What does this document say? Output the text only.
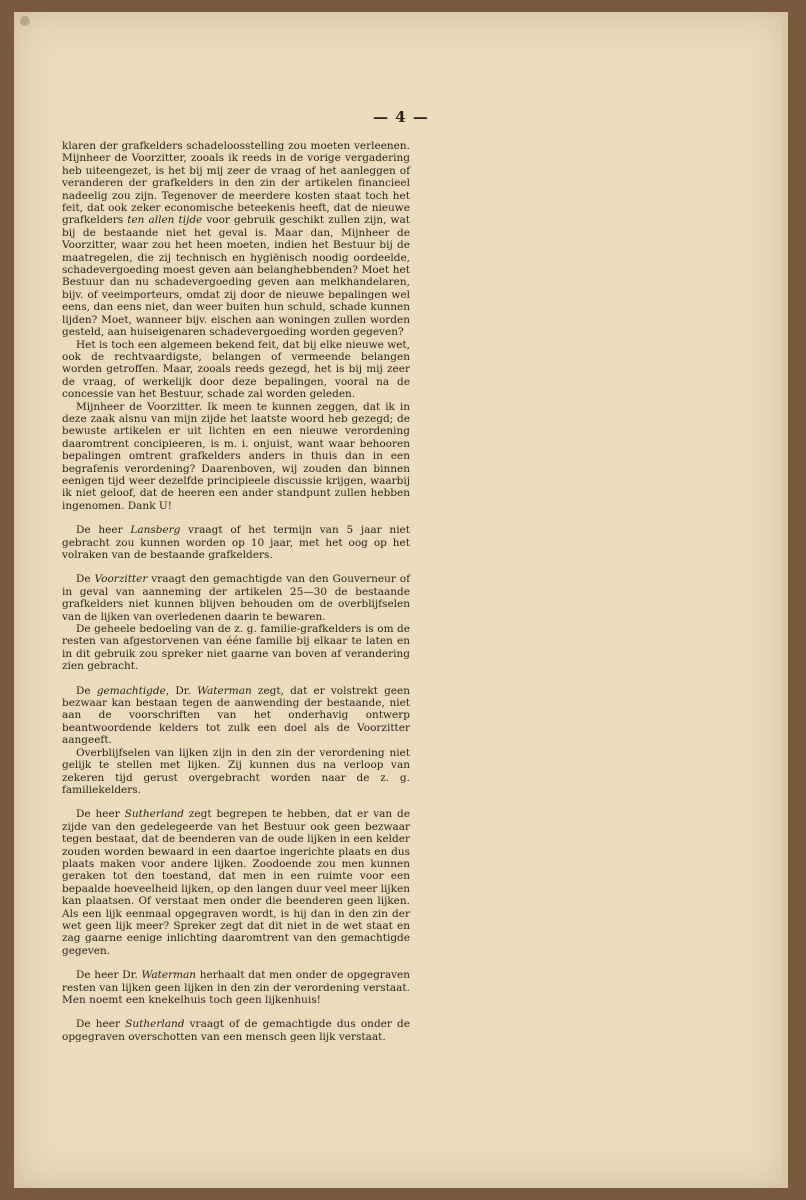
— 4 —

klaren der grafkelders schadeloosstelling zou moeten verleenen. Mijnheer de Voorzitter, zooals ik reeds in de vorige vergadering heb uiteengezet, is het bij mij zeer de vraag of het aanleggen of veranderen der grafkelders in den zin der artikelen financieel nadeelig zou zijn. Tegenover de meerdere kosten staat toch het feit, dat ook zeker economische beteekenis heeft, dat de nieuwe grafkelders ten allen tijde voor gebruik geschikt zullen zijn, wat bij de bestaande niet het geval is. Maar dan, Mijnheer de Voorzitter, waar zou het heen moeten, indien het Bestuur bij de maatregelen, die zij technisch en hygiënisch noodig oordeelde, schadevergoeding moest geven aan belanghebbenden? Moet het Bestuur dan nu schadevergoeding geven aan melkhandelaren, bijv. of veeimporteurs, omdat zij door de nieuwe bepalingen wel eens, dan eens niet, dan weer buiten hun schuld, schade kunnen lijden? Moet, wanneer bijv. eischen aan woningen zullen worden gesteld, aan huiseigenaren schadevergoeding worden gegeven?

Het is toch een algemeen bekend feit, dat bij elke nieuwe wet, ook de rechtvaardigste, belangen of vermeende belangen worden getroffen. Maar, zooals reeds gezegd, het is bij mij zeer de vraag, of werkelijk door deze bepalingen, vooral na de concessie van het Bestuur, schade zal worden geleden.

Mijnheer de Voorzitter. Ik meen te kunnen zeggen, dat ik in deze zaak alsnu van mijn zijde het laatste woord heb gezegd; de bewuste artikelen er uit lichten en een nieuwe verordening daaromtrent concipieeren, is m. i. onjuist, want waar behooren bepalingen omtrent grafkelders anders in thuis dan in een begrafenis verordening? Daarenboven, wij zouden dan binnen eenigen tijd weer dezelfde principieele discussie krijgen, waarbij ik niet geloof, dat de heeren een ander standpunt zullen hebben ingenomen. Dank U!

De heer Lansberg vraagt of het termijn van 5 jaar niet gebracht zou kunnen worden op 10 jaar, met het oog op het volraken van de bestaande grafkelders.

De Voorzitter vraagt den gemachtigde van den Gouverneur of in geval van aanneming der artikelen 25—30 de bestaande grafkelders niet kunnen blijven behouden om de overblijfselen van de lijken van overledenen daarin te bewaren.

De geheele bedoeling van de z. g. familie-grafkelders is om de resten van afgestorvenen van ééne familie bij elkaar te laten en in dit gebruik zou spreker niet gaarne van boven af verandering zien gebracht.

De gemachtigde, Dr. Waterman zegt, dat er volstrekt geen bezwaar kan bestaan tegen de aanwending der bestaande, niet aan de voorschriften van het onderhavig ontwerp beantwoordende kelders tot zulk een doel als de Voorzitter aangeeft.

Overblijfselen van lijken zijn in den zin der verordening niet gelijk te stellen met lijken. Zij kunnen dus na verloop van zekeren tijd gerust overgebracht worden naar de z. g. familiekelders.

De heer Sutherland zegt begrepen te hebben, dat er van de zijde van den gedelegeerde van het Bestuur ook geen bezwaar tegen bestaat, dat de beenderen van de oude lijken in een kelder zouden worden bewaard in een daartoe ingerichte plaats en dus plaats maken voor andere lijken. Zoodoende zou men kunnen geraken tot den toestand, dat men in een ruimte voor een bepaalde hoeveelheid lijken, op den langen duur veel meer lijken kan plaatsen. Of verstaat men onder die beenderen geen lijken. Als een lijk eenmaal opgegraven wordt, is hij dan in den zin der wet geen lijk meer? Spreker zegt dat dit niet in de wet staat en zag gaarne eenige inlichting daaromtrent van den gemachtigde gegeven.

De heer Dr. Waterman herhaalt dat men onder de opgegraven resten van lijken geen lijken in den zin der verordening verstaat. Men noemt een knekelhuis toch geen lijkenhuis!

De heer Sutherland vraagt of de gemachtigde dus onder de opgegraven overschotten van een mensch geen lijk verstaat.
